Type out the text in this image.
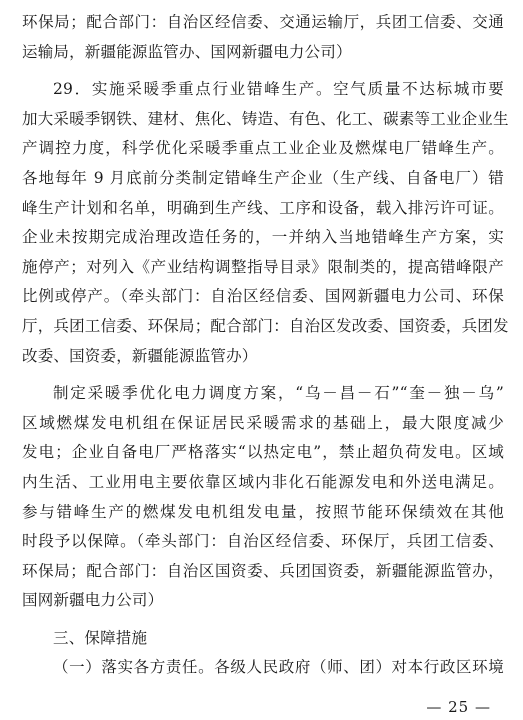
环保局；配合部门：自治区经信委、交通运输厅，兵团工信委、交通
运输局，新疆能源监管办、国网新疆电力公司）
29．实施采暖季重点行业错峰生产。空气质量不达标城市要
加大采暖季钢铁、建材、焦化、铸造、有色、化工、碳素等工业企业生
产调控力度，科学优化采暖季重点工业企业及燃煤电厂错峰生产。
各地每年 9 月底前分类制定错峰生产企业（生产线、自备电厂）错
峰生产计划和名单，明确到生产线、工序和设备，载入排污许可证。
企业未按期完成治理改造任务的，一并纳入当地错峰生产方案，实
施停产；对列入《产业结构调整指导目录》限制类的，提高错峰限产
比例或停产。（牵头部门：自治区经信委、国网新疆电力公司、环保
厅，兵团工信委、环保局；配合部门：自治区发改委、国资委，兵团发
改委、国资委，新疆能源监管办）
制定采暖季优化电力调度方案，“乌－昌－石”“奎－独－乌”
区域燃煤发电机组在保证居民采暖需求的基础上，最大限度减少
发电；企业自备电厂严格落实“以热定电”，禁止超负荷发电。区域
内生活、工业用电主要依靠区域内非化石能源发电和外送电满足。
参与错峰生产的燃煤发电机组发电量，按照节能环保绩效在其他
时段予以保障。（牵头部门：自治区经信委、环保厅，兵团工信委、
环保局；配合部门：自治区国资委、兵团国资委，新疆能源监管办，
国网新疆电力公司）
三、保障措施
（一）落实各方责任。各级人民政府（师、团）对本行政区环境
— 25 —
